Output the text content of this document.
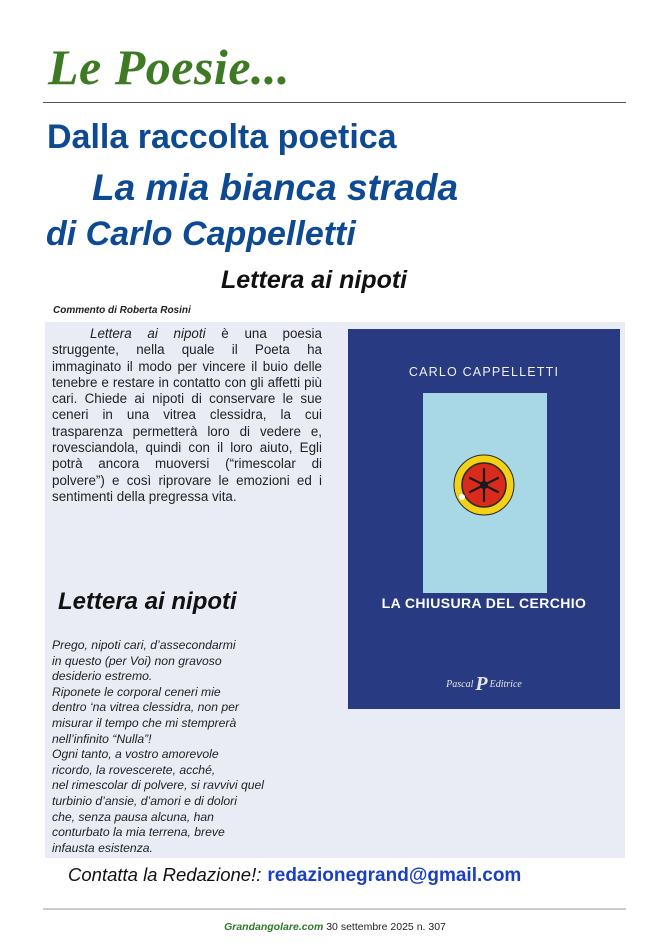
Le Poesie...
Dalla raccolta poetica
La mia bianca strada
di Carlo Cappelletti
Lettera ai nipoti
Commento di Roberta Rosini

Lettera ai nipoti è una poesia struggente, nella quale il Poeta ha immaginato il modo per vincere il buio delle tenebre e restare in contatto con gli affetti più cari. Chiede ai nipoti di conservare le sue ceneri in una vitrea clessidra, la cui trasparenza permetterà loro di vedere e, rovesciandola, quindi con il loro aiuto, Egli potrà ancora muoversi (“rimescolar di polvere”) e così riprovare le emozioni ed i sentimenti della pregressa vita.

Lettera ai nipoti
Prego, nipoti cari, d’assecondarmi
in questo (per Voi) non gravoso
desiderio estremo.
Riponete le corporal ceneri mie
dentro ‘na vitrea clessidra, non per
misurar il tempo che mi stemprerà
nell’infinito “Nulla”!
Ogni tanto, a vostro amorevole
ricordo, la rovescerete, acché,
nel rimescolar di polvere, si ravvivi quel
turbinio d’ansie, d’amori e di dolori
che, senza pausa alcuna, han
conturbato la mia terrena, breve
infausta esistenza.
CARLO CAPPELLETTI
LA CHIUSURA DEL CERCHIO
Pascal P Editrice
Contatta la Redazione!: redazionegrand@gmail.com
Grandangolare.com 30 settembre 2025 n. 307
